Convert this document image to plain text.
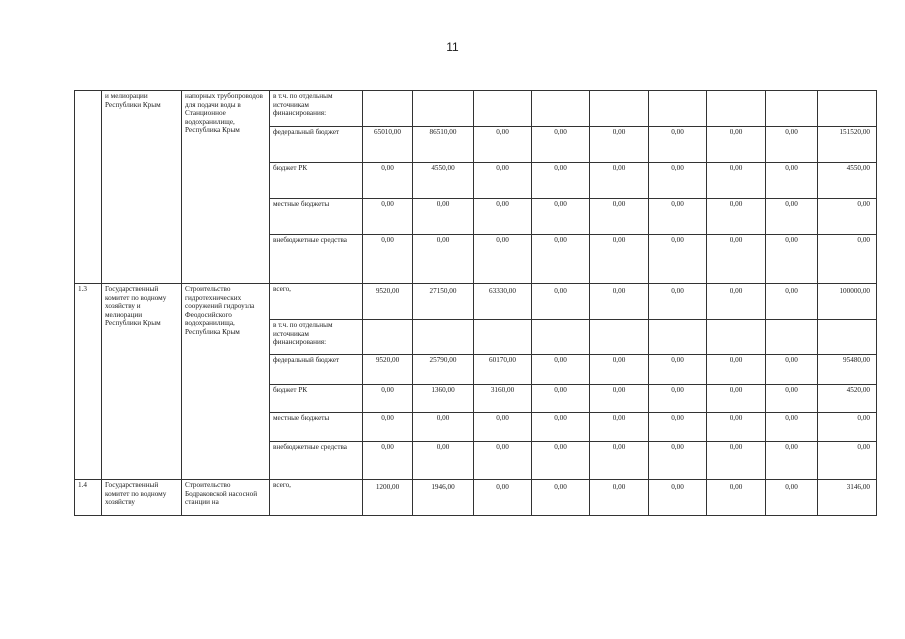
11
	и мелиорации Республики Крым	напорных трубопроводов для подачи воды в Станционное водохранилище, Республика Крым	в т.ч. по отдельным источникам финансирования:									
			федеральный бюджет	65010,00	86510,00	0,00	0,00	0,00	0,00	0,00	0,00	151520,00
			бюджет РК	0,00	4550,00	0,00	0,00	0,00	0,00	0,00	0,00	4550,00
			местные бюджеты	0,00	0,00	0,00	0,00	0,00	0,00	0,00	0,00	0,00
			внебюджетные средства	0,00	0,00	0,00	0,00	0,00	0,00	0,00	0,00	0,00
1.3	Государственный комитет по водному хозяйству и мелиорации Республики Крым	Строительство гидротехнических сооружений гидроузла Феодосийского водохранилища, Республика Крым	всего,	9520,00	27150,00	63330,00	0,00	0,00	0,00	0,00	0,00	100000,00
			в т.ч. по отдельным источникам финансирования:									
			федеральный бюджет	9520,00	25790,00	60170,00	0,00	0,00	0,00	0,00	0,00	95480,00
			бюджет РК	0,00	1360,00	3160,00	0,00	0,00	0,00	0,00	0,00	4520,00
			местные бюджеты	0,00	0,00	0,00	0,00	0,00	0,00	0,00	0,00	0,00
			внебюджетные средства	0,00	0,00	0,00	0,00	0,00	0,00	0,00	0,00	0,00
1.4	Государственный комитет по водному хозяйству	Строительство Бодраковской насосной станции на	всего,	1200,00	1946,00	0,00	0,00	0,00	0,00	0,00	0,00	3146,00
